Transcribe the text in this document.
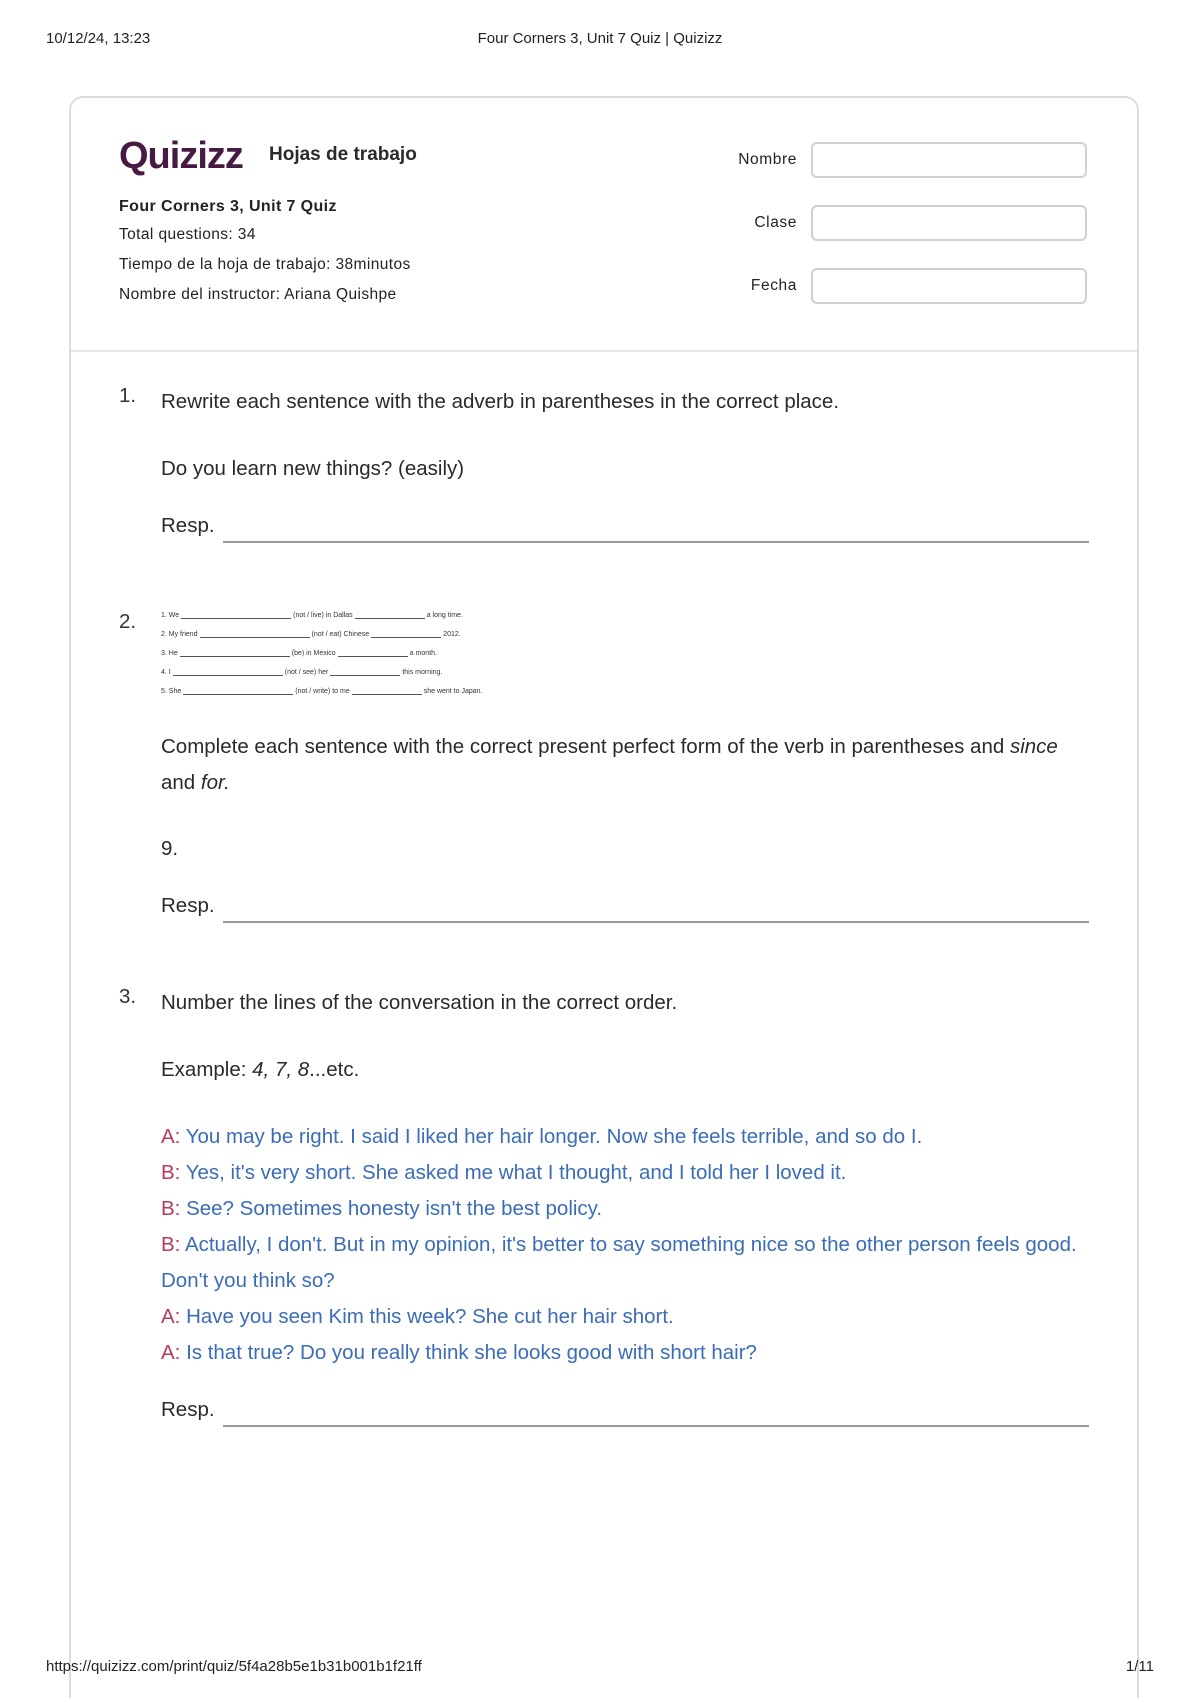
10/12/24, 13:23	Four Corners 3, Unit 7 Quiz | Quizizz
Quizizz Hojas de trabajo
Four Corners 3, Unit 7 Quiz
Total questions: 34
Tiempo de la hoja de trabajo: 38minutos
Nombre del instructor: Ariana Quishpe
Nombre
Clase
Fecha
1. Rewrite each sentence with the adverb in parentheses in the correct place.

Do you learn new things? (easily)

Resp.
2.	1. We	(not / live) in Dallas	a long time.
2. My friend	(not / eat) Chinese	2012.
3. He	(be) in Mexico	a month.
4. I	(not / see) her	this morning.
5. She	(not / write) to me	she went to Japan.

Complete each sentence with the correct present perfect form of the verb in parentheses and since and for.

9.

Resp.
3. Number the lines of the conversation in the correct order.

Example: 4, 7, 8...etc.

A: You may be right. I said I liked her hair longer. Now she feels terrible, and so do I.

B: Yes, it's very short. She asked me what I thought, and I told her I loved it.

B: See? Sometimes honesty isn't the best policy.

B: Actually, I don't. But in my opinion, it's better to say something nice so the other person feels good. Don't you think so?

A: Have you seen Kim this week? She cut her hair short.

A: Is that true? Do you really think she looks good with short hair?

Resp.
https://quizizz.com/print/quiz/5f4a28b5e1b31b001b1f21ff	1/11
